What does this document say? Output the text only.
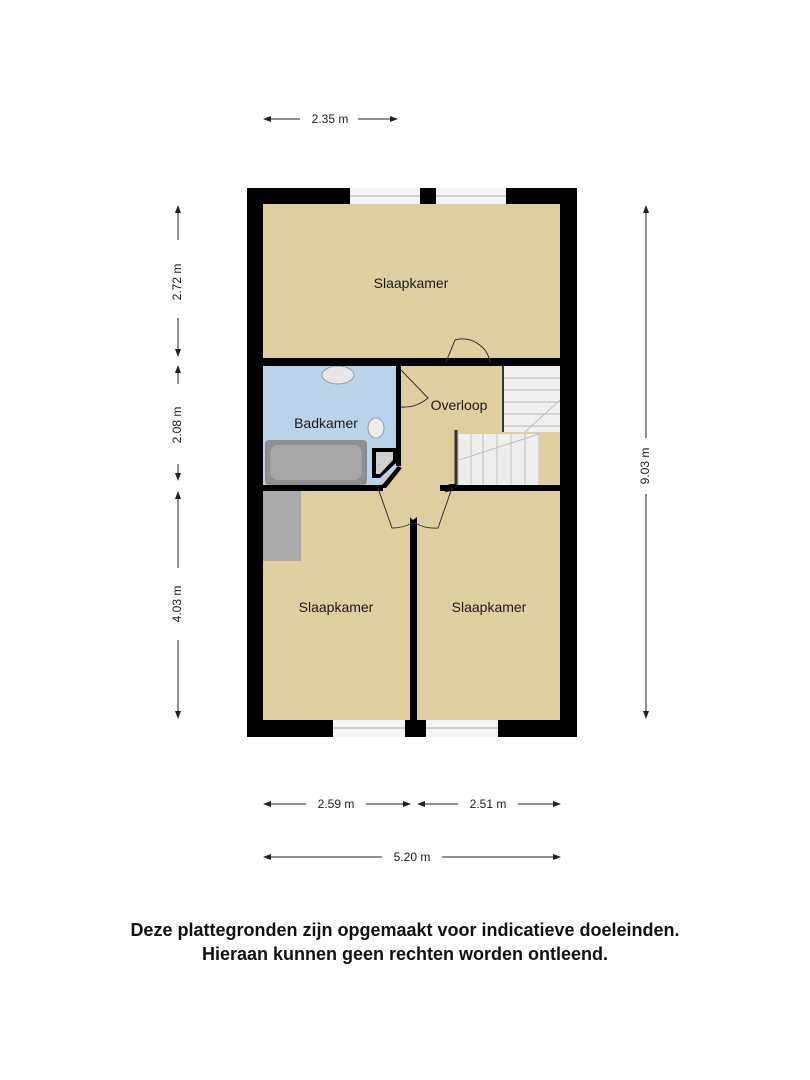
Slaapkamer
Badkamer
Overloop
Slaapkamer	Slaapkamer
2.35 m
2.72 m
2.08 m
4.03 m
9.03 m
2.59 m	2.51 m
5.20 m
Deze plattegronden zijn opgemaakt voor indicatieve doeleinden.
Hieraan kunnen geen rechten worden ontleend.
